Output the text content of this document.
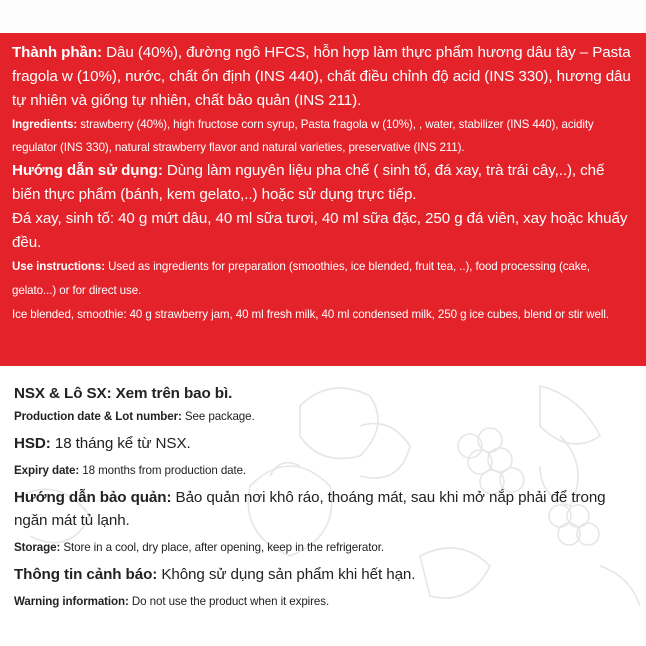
Thành phần: Dâu (40%), đường ngô HFCS, hỗn hợp làm thực phẩm hương dâu tây – Pasta fragola w (10%), nước, chất ổn định (INS 440), chất điều chỉnh độ acid (INS 330), hương dâu tự nhiên và giống tự nhiên, chất bảo quản (INS 211).

Ingredients: strawberry (40%), high fructose corn syrup, Pasta fragola w (10%), , water, stabilizer (INS 440), acidity regulator (INS 330), natural strawberry flavor and natural varieties, preservative (INS 211).

Hướng dẫn sử dụng: Dùng làm nguyên liệu pha chế ( sinh tố, đá xay, trà trái cây,..), chế biến thực phẩm (bánh, kem gelato,..) hoặc sử dụng trực tiếp.

Đá xay, sinh tố: 40 g mứt dâu, 40 ml sữa tươi, 40 ml sữa đặc, 250 g đá viên, xay hoặc khuấy đều.

Use instructions: Used as ingredients for preparation (smoothies, ice blended, fruit tea, ..), food processing (cake, gelato...) or for direct use.

Ice blended, smoothie: 40 g strawberry jam, 40 ml fresh milk, 40 ml condensed milk, 250 g ice cubes, blend or stir well.

NSX & Lô SX: Xem trên bao bì.

Production date & Lot number: See package.

HSD: 18 tháng kể từ NSX.

Expiry date: 18 months from production date.

Hướng dẫn bảo quản: Bảo quản nơi khô ráo, thoáng mát, sau khi mở nắp phải để trong ngăn mát tủ lạnh.

Storage: Store in a cool, dry place, after opening, keep in the refrigerator.

Thông tin cảnh báo: Không sử dụng sản phẩm khi hết hạn.

Warning information: Do not use the product when it expires.
